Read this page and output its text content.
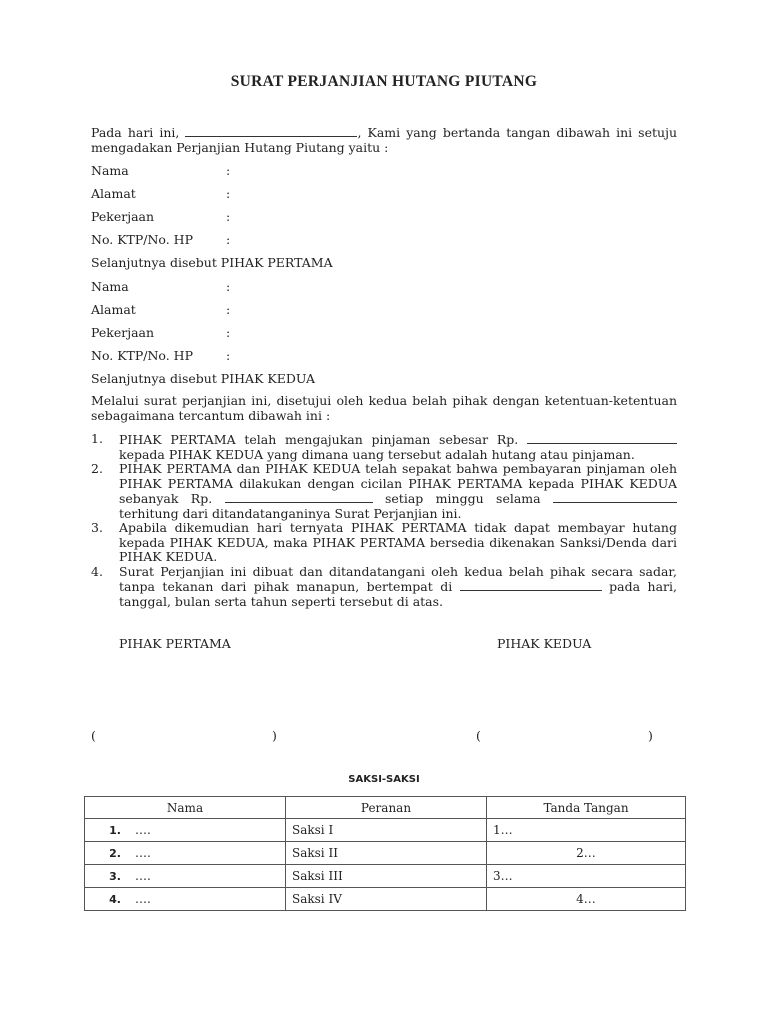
SURAT PERJANJIAN HUTANG PIUTANG
Pada hari ini,	, Kami yang bertanda tangan dibawah ini setuju mengadakan Perjanjian Hutang Piutang yaitu :
Nama	:
Alamat	:
Pekerjaan	:
No. KTP/No. HP	:
Selanjutnya disebut PIHAK PERTAMA
Nama	:
Alamat	:
Pekerjaan	:
No. KTP/No. HP	:
Selanjutnya disebut PIHAK KEDUA
Melalui surat perjanjian ini, disetujui oleh kedua belah pihak dengan ketentuan-ketentuan sebagaimana tercantum dibawah ini :
1. PIHAK PERTAMA telah mengajukan pinjaman sebesar Rp.  kepada PIHAK KEDUA yang dimana uang tersebut adalah hutang atau pinjaman.
2. PIHAK PERTAMA dan PIHAK KEDUA telah sepakat bahwa pembayaran pinjaman oleh PIHAK PERTAMA dilakukan dengan cicilan PIHAK PERTAMA kepada PIHAK KEDUA sebanyak Rp.	setiap minggu selama  terhitung dari ditandatanganinya Surat Perjanjian ini.
3. Apabila dikemudian hari ternyata PIHAK PERTAMA tidak dapat membayar hutang kepada PIHAK KEDUA, maka PIHAK PERTAMA bersedia dikenakan Sanksi/Denda dari PIHAK KEDUA.
4. Surat Perjanjian ini dibuat dan ditandatangani oleh kedua belah pihak secara sadar, tanpa tekanan dari pihak manapun, bertempat di	pada hari, tanggal, bulan serta tahun seperti tersebut di atas.
PIHAK PERTAMA	PIHAK KEDUA
(	)	(	)
SAKSI-SAKSI
Nama	Peranan	Tanda Tangan
1. ….	Saksi I	1…
2. ….	Saksi II	2…
3. ….	Saksi III	3…
4. ….	Saksi IV	4…
